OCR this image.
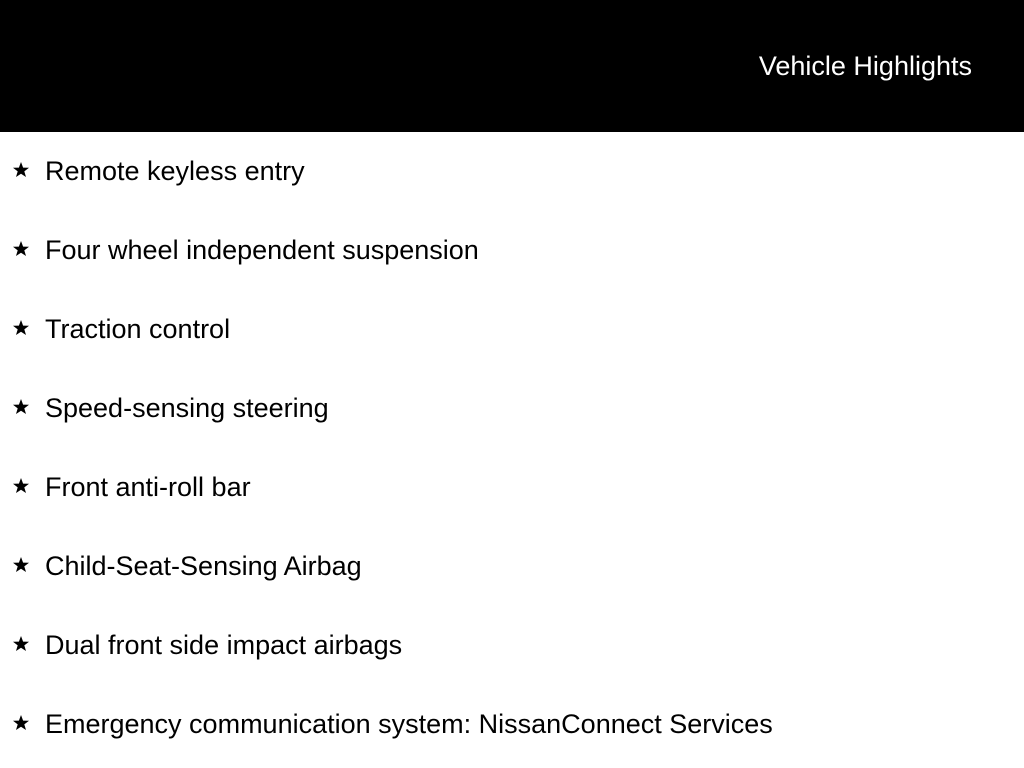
Vehicle Highlights
Remote keyless entry
Four wheel independent suspension
Traction control
Speed-sensing steering
Front anti-roll bar
Child-Seat-Sensing Airbag
Dual front side impact airbags
Emergency communication system: NissanConnect Services
